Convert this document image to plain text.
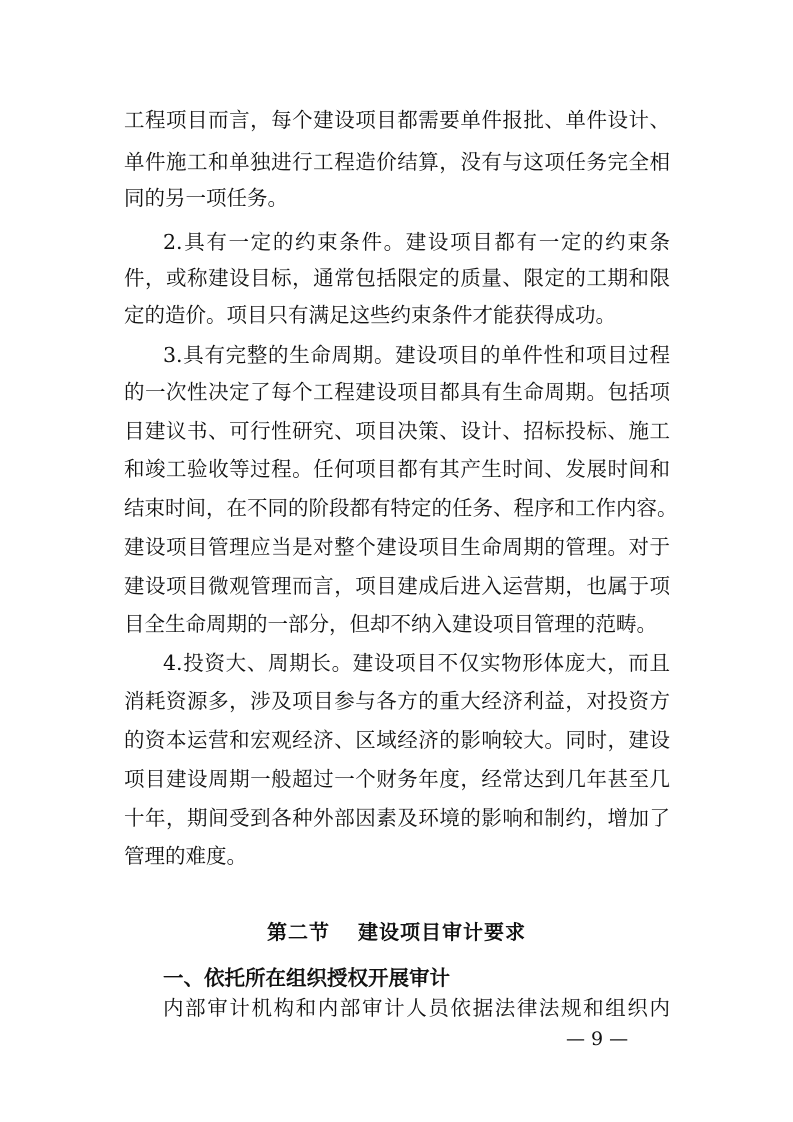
工程项目而言，每个建设项目都需要单件报批、单件设计、
单件施工和单独进行工程造价结算，没有与这项任务完全相
同的另一项任务。
2.具有一定的约束条件。建设项目都有一定的约束条
件，或称建设目标，通常包括限定的质量、限定的工期和限
定的造价。项目只有满足这些约束条件才能获得成功。
3.具有完整的生命周期。建设项目的单件性和项目过程
的一次性决定了每个工程建设项目都具有生命周期。包括项
目建议书、可行性研究、项目决策、设计、招标投标、施工
和竣工验收等过程。任何项目都有其产生时间、发展时间和
结束时间，在不同的阶段都有特定的任务、程序和工作内容。
建设项目管理应当是对整个建设项目生命周期的管理。对于
建设项目微观管理而言，项目建成后进入运营期，也属于项
目全生命周期的一部分，但却不纳入建设项目管理的范畴。
4.投资大、周期长。建设项目不仅实物形体庞大，而且
消耗资源多，涉及项目参与各方的重大经济利益，对投资方
的资本运营和宏观经济、区域经济的影响较大。同时，建设
项目建设周期一般超过一个财务年度，经常达到几年甚至几
十年，期间受到各种外部因素及环境的影响和制约，增加了
管理的难度。
第二节 建设项目审计要求
一、依托所在组织授权开展审计
内部审计机构和内部审计人员依据法律法规和组织内
— 9 —
